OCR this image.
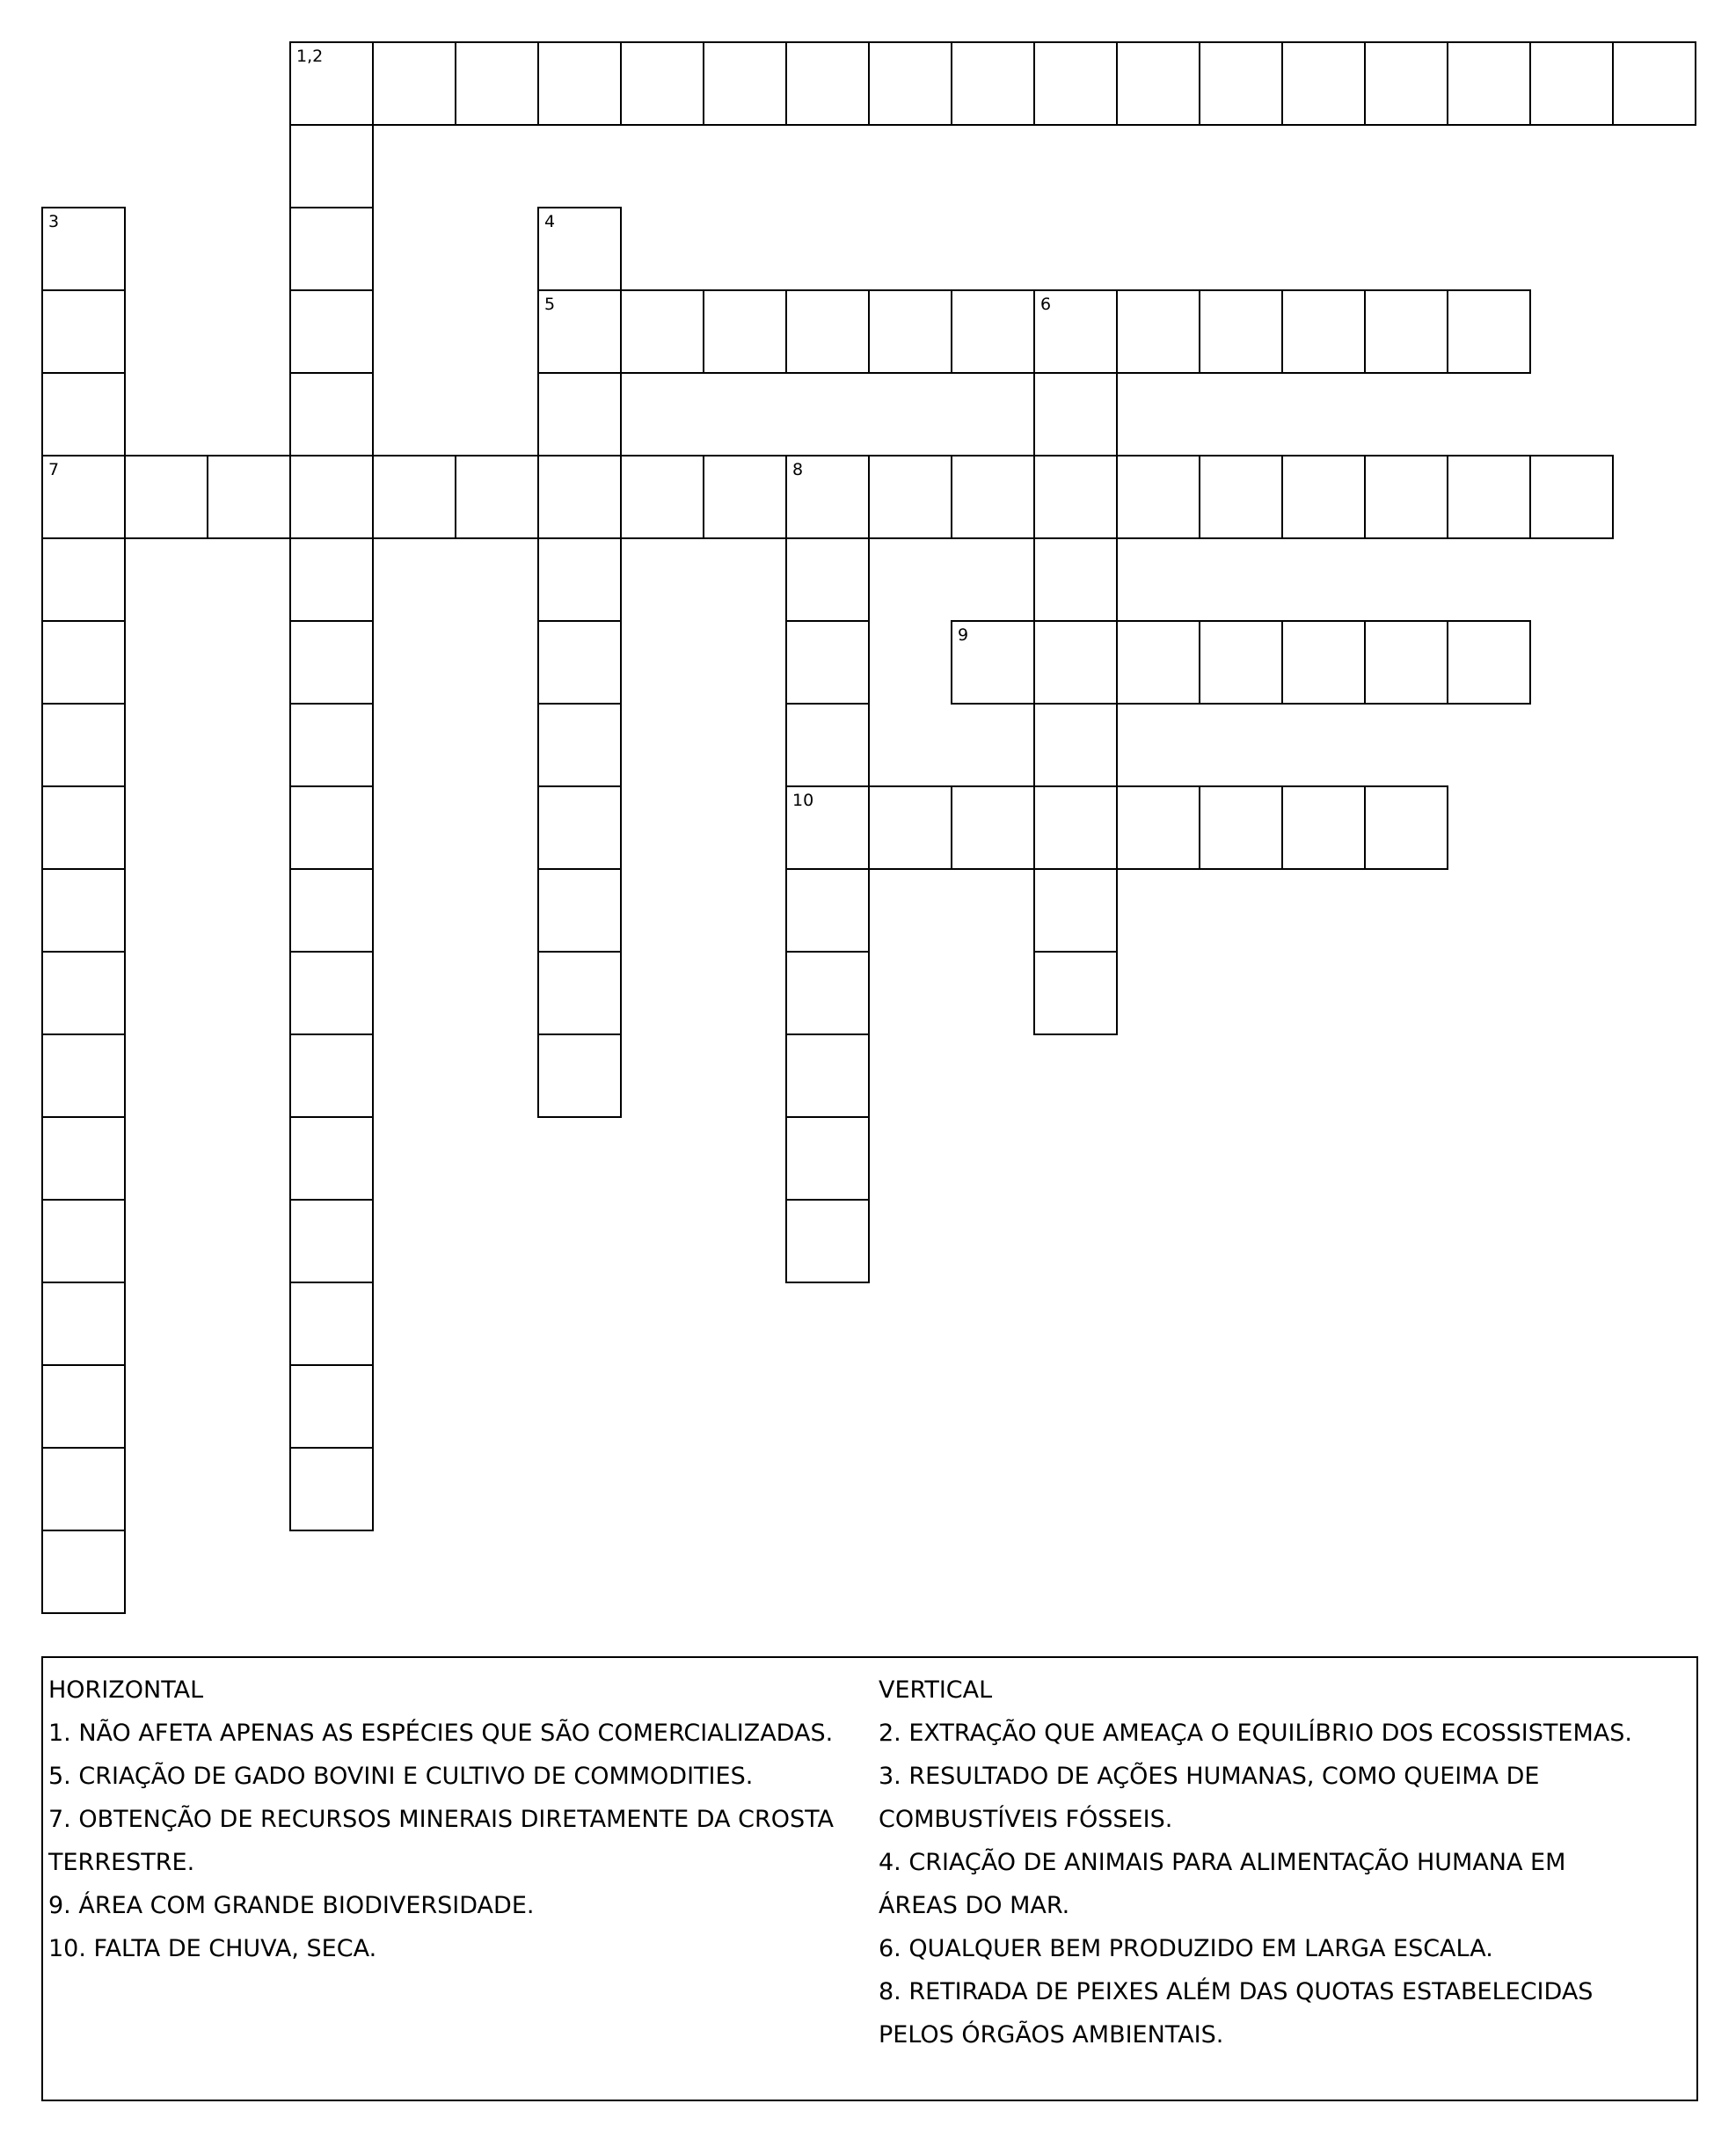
1,2
3
7
4
5	6
8
10
9
HORIZONTAL
1. NÃO AFETA APENAS AS ESPÉCIES QUE SÃO COMERCIALIZADAS.
5. CRIAÇÃO DE GADO BOVINI E CULTIVO DE COMMODITIES.
7. OBTENÇÃO DE RECURSOS MINERAIS DIRETAMENTE DA CROSTA
TERRESTRE.
9. ÁREA COM GRANDE BIODIVERSIDADE.
10. FALTA DE CHUVA, SECA.
VERTICAL
2. EXTRAÇÃO QUE AMEAÇA O EQUILÍBRIO DOS ECOSSISTEMAS.
3. RESULTADO DE AÇÕES HUMANAS, COMO QUEIMA DE
COMBUSTÍVEIS FÓSSEIS.
4. CRIAÇÃO DE ANIMAIS PARA ALIMENTAÇÃO HUMANA EM
ÁREAS DO MAR.
6. QUALQUER BEM PRODUZIDO EM LARGA ESCALA.
8. RETIRADA DE PEIXES ALÉM DAS QUOTAS ESTABELECIDAS
PELOS ÓRGÃOS AMBIENTAIS.
